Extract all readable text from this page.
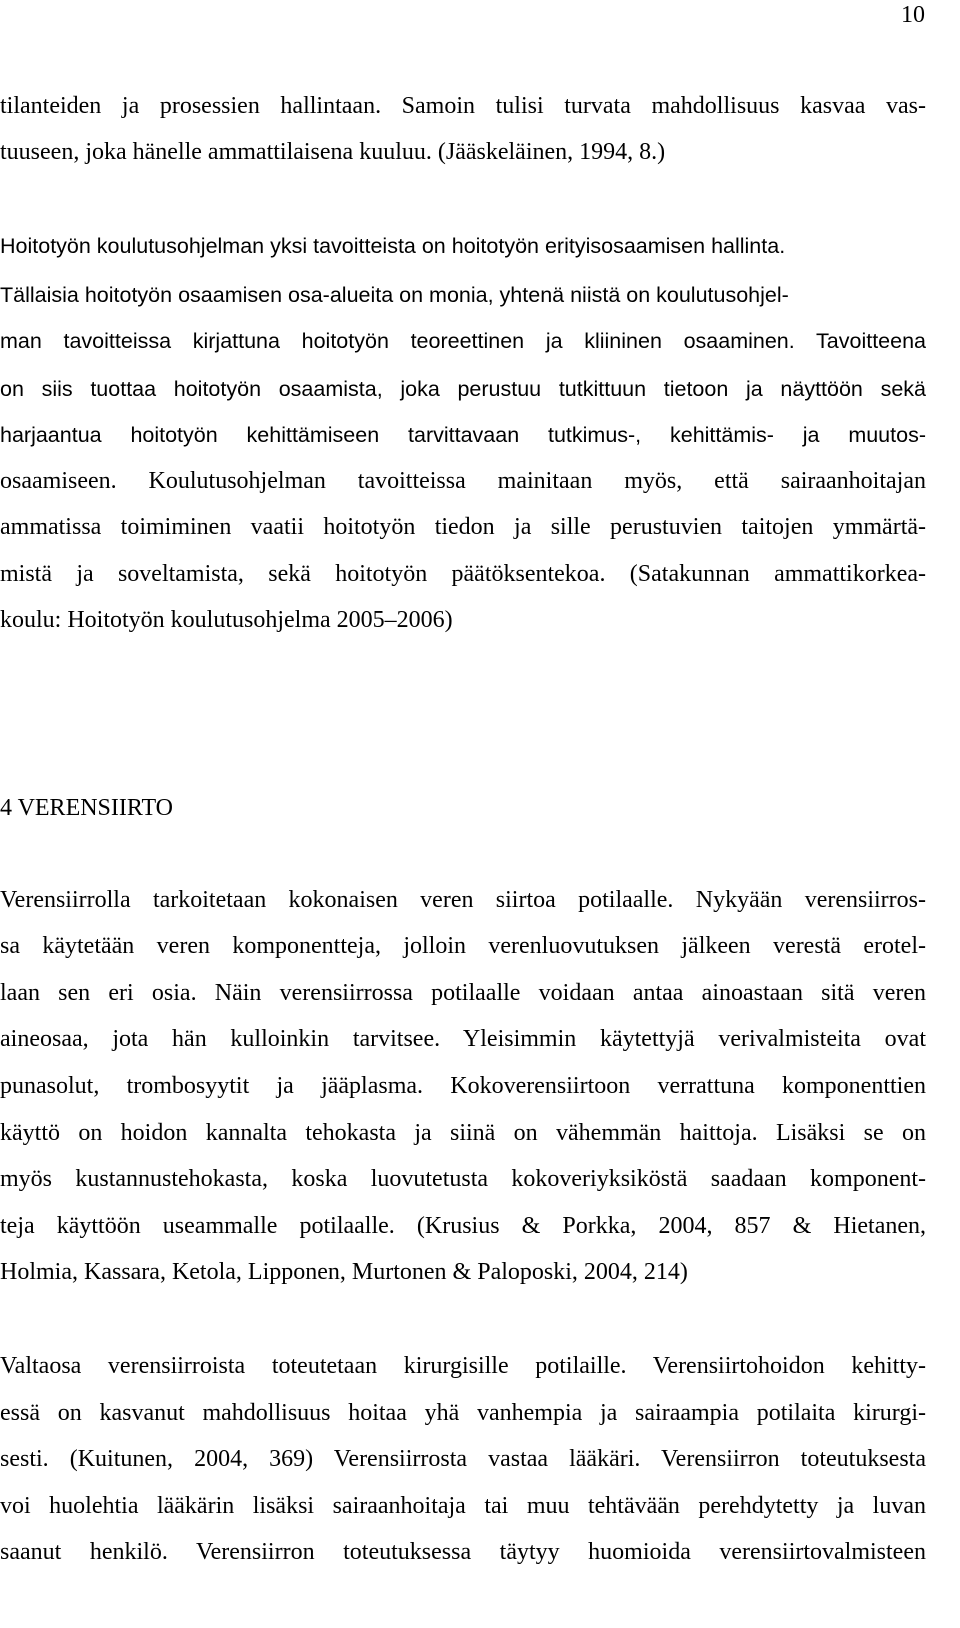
10
tilanteiden ja prosessien hallintaan. Samoin tulisi turvata mahdollisuus kasvaa vas-
tuuseen, joka hänelle ammattilaisena kuuluu. (Jääskeläinen, 1994, 8.)
Hoitotyön koulutusohjelman yksi tavoitteista on hoitotyön erityisosaamisen hallinta.
Tällaisia hoitotyön osaamisen osa-alueita on monia, yhtenä niistä on koulutusohjel-
man tavoitteissa kirjattuna hoitotyön teoreettinen ja kliininen osaaminen. Tavoitteena
on siis tuottaa hoitotyön osaamista, joka perustuu tutkittuun tietoon ja näyttöön sekä
harjaantua hoitotyön kehittämiseen tarvittavaan tutkimus-, kehittämis- ja muutos-
osaamiseen. Koulutusohjelman tavoitteissa mainitaan myös, että sairaanhoitajan
ammatissa toimiminen vaatii hoitotyön tiedon ja sille perustuvien taitojen ymmärtä-
mistä ja soveltamista, sekä hoitotyön päätöksentekoa. (Satakunnan ammattikorkea-
koulu: Hoitotyön koulutusohjelma 2005–2006)
4 VERENSIIRTO
Verensiirrolla tarkoitetaan kokonaisen veren siirtoa potilaalle. Nykyään verensiirros-
sa käytetään veren komponentteja, jolloin verenluovutuksen jälkeen verestä erotel-
laan sen eri osia. Näin verensiirrossa potilaalle voidaan antaa ainoastaan sitä veren
aineosaa, jota hän kulloinkin tarvitsee. Yleisimmin käytettyjä verivalmisteita ovat
punasolut, trombosyytit ja jääplasma. Kokoverensiirtoon verrattuna komponenttien
käyttö on hoidon kannalta tehokasta ja siinä on vähemmän haittoja. Lisäksi se on
myös kustannustehokasta, koska luovutetusta kokoveriyksiköstä saadaan komponent-
teja käyttöön useammalle potilaalle. (Krusius & Porkka, 2004, 857 & Hietanen,
Holmia, Kassara, Ketola, Lipponen, Murtonen & Paloposki, 2004, 214)
Valtaosa verensiirroista toteutetaan kirurgisille potilaille. Verensiirtohoidon kehitty-
essä on kasvanut mahdollisuus hoitaa yhä vanhempia ja sairaampia potilaita kirurgi-
sesti. (Kuitunen, 2004, 369) Verensiirrosta vastaa lääkäri. Verensiirron toteutuksesta
voi huolehtia lääkärin lisäksi sairaanhoitaja tai muu tehtävään perehdytetty ja luvan
saanut henkilö. Verensiirron toteutuksessa täytyy huomioida verensiirtovalmisteen
